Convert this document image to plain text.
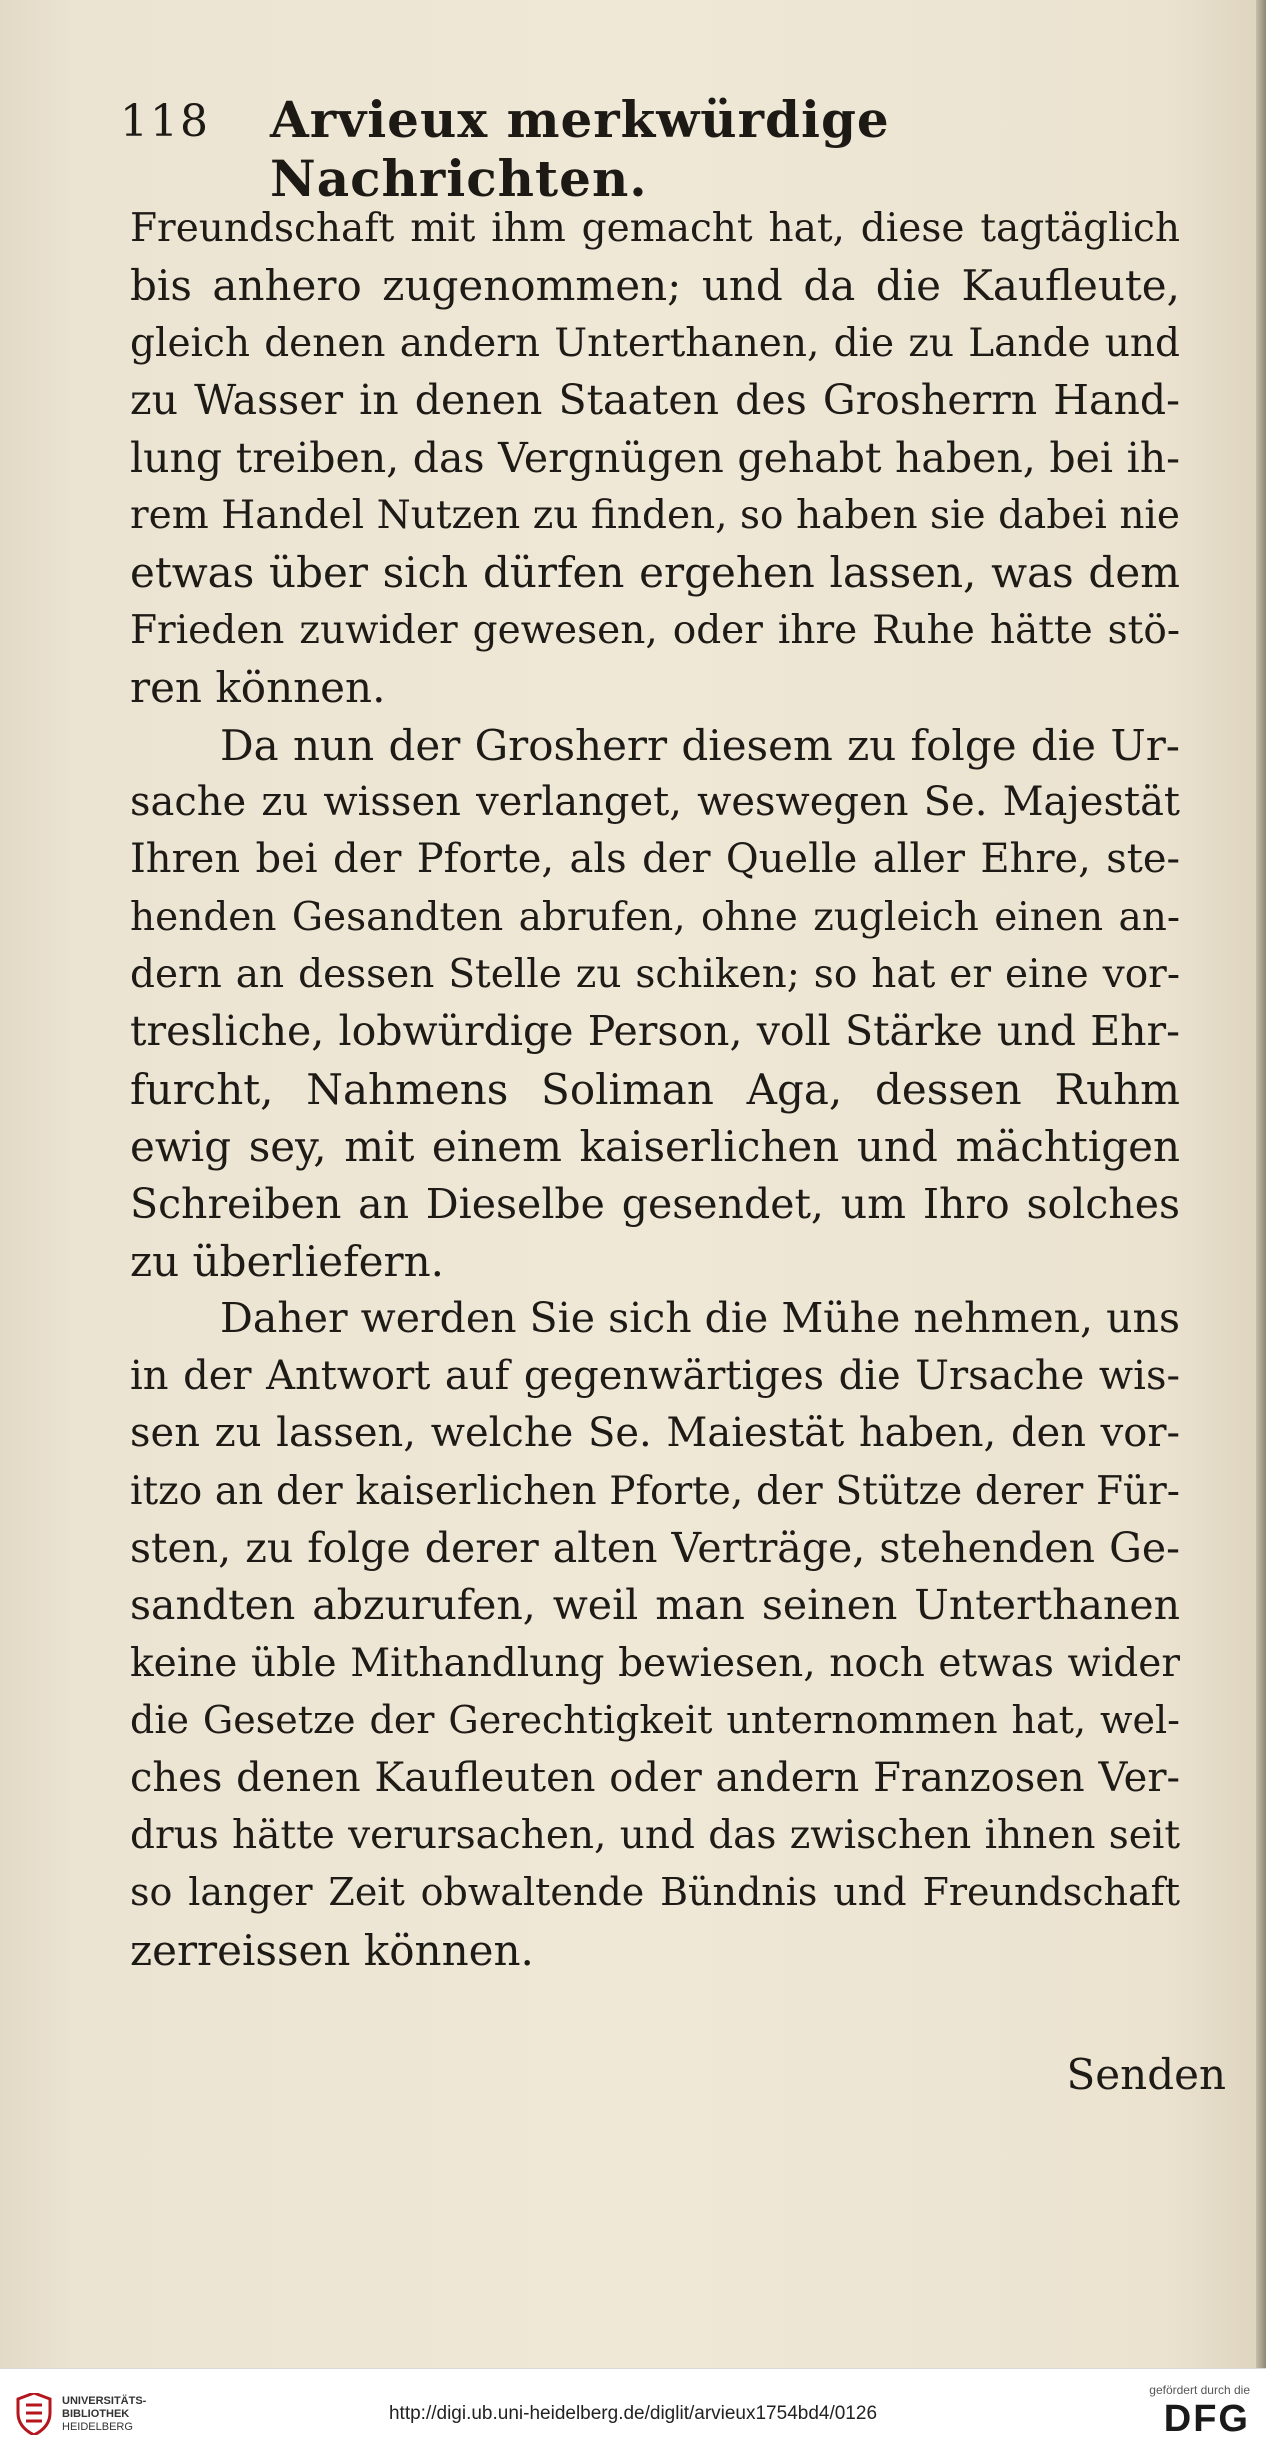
118 Arvieux merkwürdige Nachrichten.
Freundschaft mit ihm gemacht hat, diese tagtäglich
bis anhero zugenommen; und da die Kaufleute,
gleich denen andern Unterthanen, die zu Lande und
zu Wasser in denen Staaten des Grosherrn Hand-
lung treiben, das Vergnügen gehabt haben, bei ih-
rem Handel Nutzen zu finden, so haben sie dabei nie
etwas über sich dürfen ergehen lassen, was dem
Frieden zuwider gewesen, oder ihre Ruhe hätte stö-
ren können.
Da nun der Grosherr diesem zu folge die Ur-
sache zu wissen verlanget, weswegen Se. Majestät
Ihren bei der Pforte, als der Quelle aller Ehre, ste-
henden Gesandten abrufen, ohne zugleich einen an-
dern an dessen Stelle zu schiken; so hat er eine vor-
tresliche, lobwürdige Person, voll Stärke und Ehr-
furcht, Nahmens Soliman Aga, dessen Ruhm
ewig sey, mit einem kaiserlichen und mächtigen
Schreiben an Dieselbe gesendet, um Ihro solches
zu überliefern.
Daher werden Sie sich die Mühe nehmen, uns
in der Antwort auf gegenwärtiges die Ursache wis-
sen zu lassen, welche Se. Maiestät haben, den vor-
itzo an der kaiserlichen Pforte, der Stütze derer Für-
sten, zu folge derer alten Verträge, stehenden Ge-
sandten abzurufen, weil man seinen Unterthanen
keine üble Mithandlung bewiesen, noch etwas wider
die Gesetze der Gerechtigkeit unternommen hat, wel-
ches denen Kaufleuten oder andern Franzosen Ver-
drus hätte verursachen, und das zwischen ihnen seit
so langer Zeit obwaltende Bündnis und Freundschaft
zerreissen können.
Senden
UNIVERSITÄTS-
BIBLIOTHEK
HEIDELBERG
http://digi.ub.uni-heidelberg.de/diglit/arvieux1754bd4/0126
gefördert durch die
DFG
